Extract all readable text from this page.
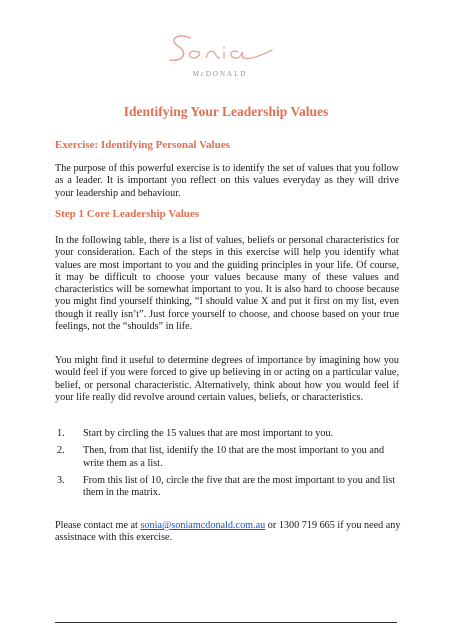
McDONALD
Identifying Your Leadership Values
Exercise: Identifying Personal Values

The purpose of this powerful exercise is to identify the set of values that you follow as a leader. It is important you reflect on this values everyday as they will drive your leadership and behaviour.

Step 1 Core Leadership Values

In the following table, there is a list of values, beliefs or personal characteristics for your consideration. Each of the steps in this exercise will help you identify what values are most important to you and the guiding principles in your life. Of course, it may be difficult to choose your values because many of these values and characteristics will be somewhat important to you. It is also hard to choose because you might find yourself thinking, “I should value X and put it first on my list, even though it really isn’t”. Just force yourself to choose, and choose based on your true feelings, not the “shoulds” in life.

You might find it useful to determine degrees of importance by imagining how you would feel if you were forced to give up believing in or acting on a particular value, belief, or personal characteristic. Alternatively, think about how you would feel if your life really did revolve around certain values, beliefs, or characteristics.

1. Start by circling the 15 values that are most important to you.
2. Then, from that list, identify the 10 that are the most important to you and write them as a list.
3. From this list of 10, circle the five that are the most important to you and list them in the matrix.

Please contact me at sonia@soniamcdonald.com.au or 1300 719 665 if you need any assistnace with this exercise.
